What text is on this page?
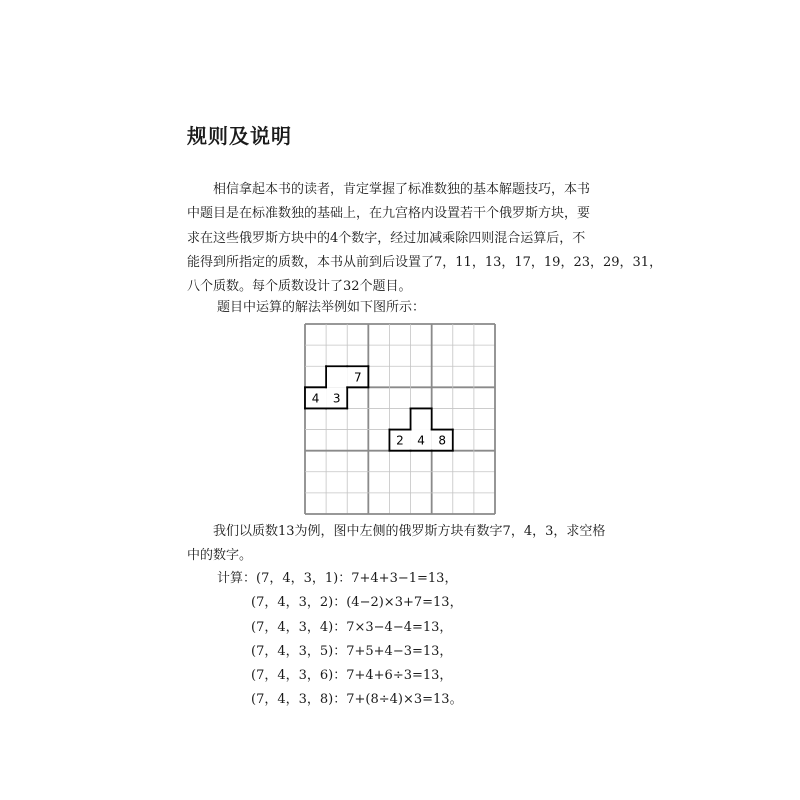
规则及说明
　　相信拿起本书的读者，肯定掌握了标准数独的基本解题技巧，本书
中题目是在标准数独的基础上，在九宫格内设置若干个俄罗斯方块，要
求在这些俄罗斯方块中的4个数字，经过加减乘除四则混合运算后，不
能得到所指定的质数，本书从前到后设置了7，11，13，17，19，23，29，31，
八个质数。每个质数设计了32个题目。
题目中运算的解法举例如下图所示：
7
4 3
2 4 8
　　我们以质数13为例，图中左侧的俄罗斯方块有数字7，4，3，求空格
中的数字。
计算：(7，4，3，1)：7+4+3−1=13，
(7，4，3，2)：(4−2)×3+7=13，
(7，4，3，4)：7×3−4−4=13，
(7，4，3，5)：7+5+4−3=13，
(7，4，3，6)：7+4+6÷3=13，
(7，4，3，8)：7+(8÷4)×3=13。
